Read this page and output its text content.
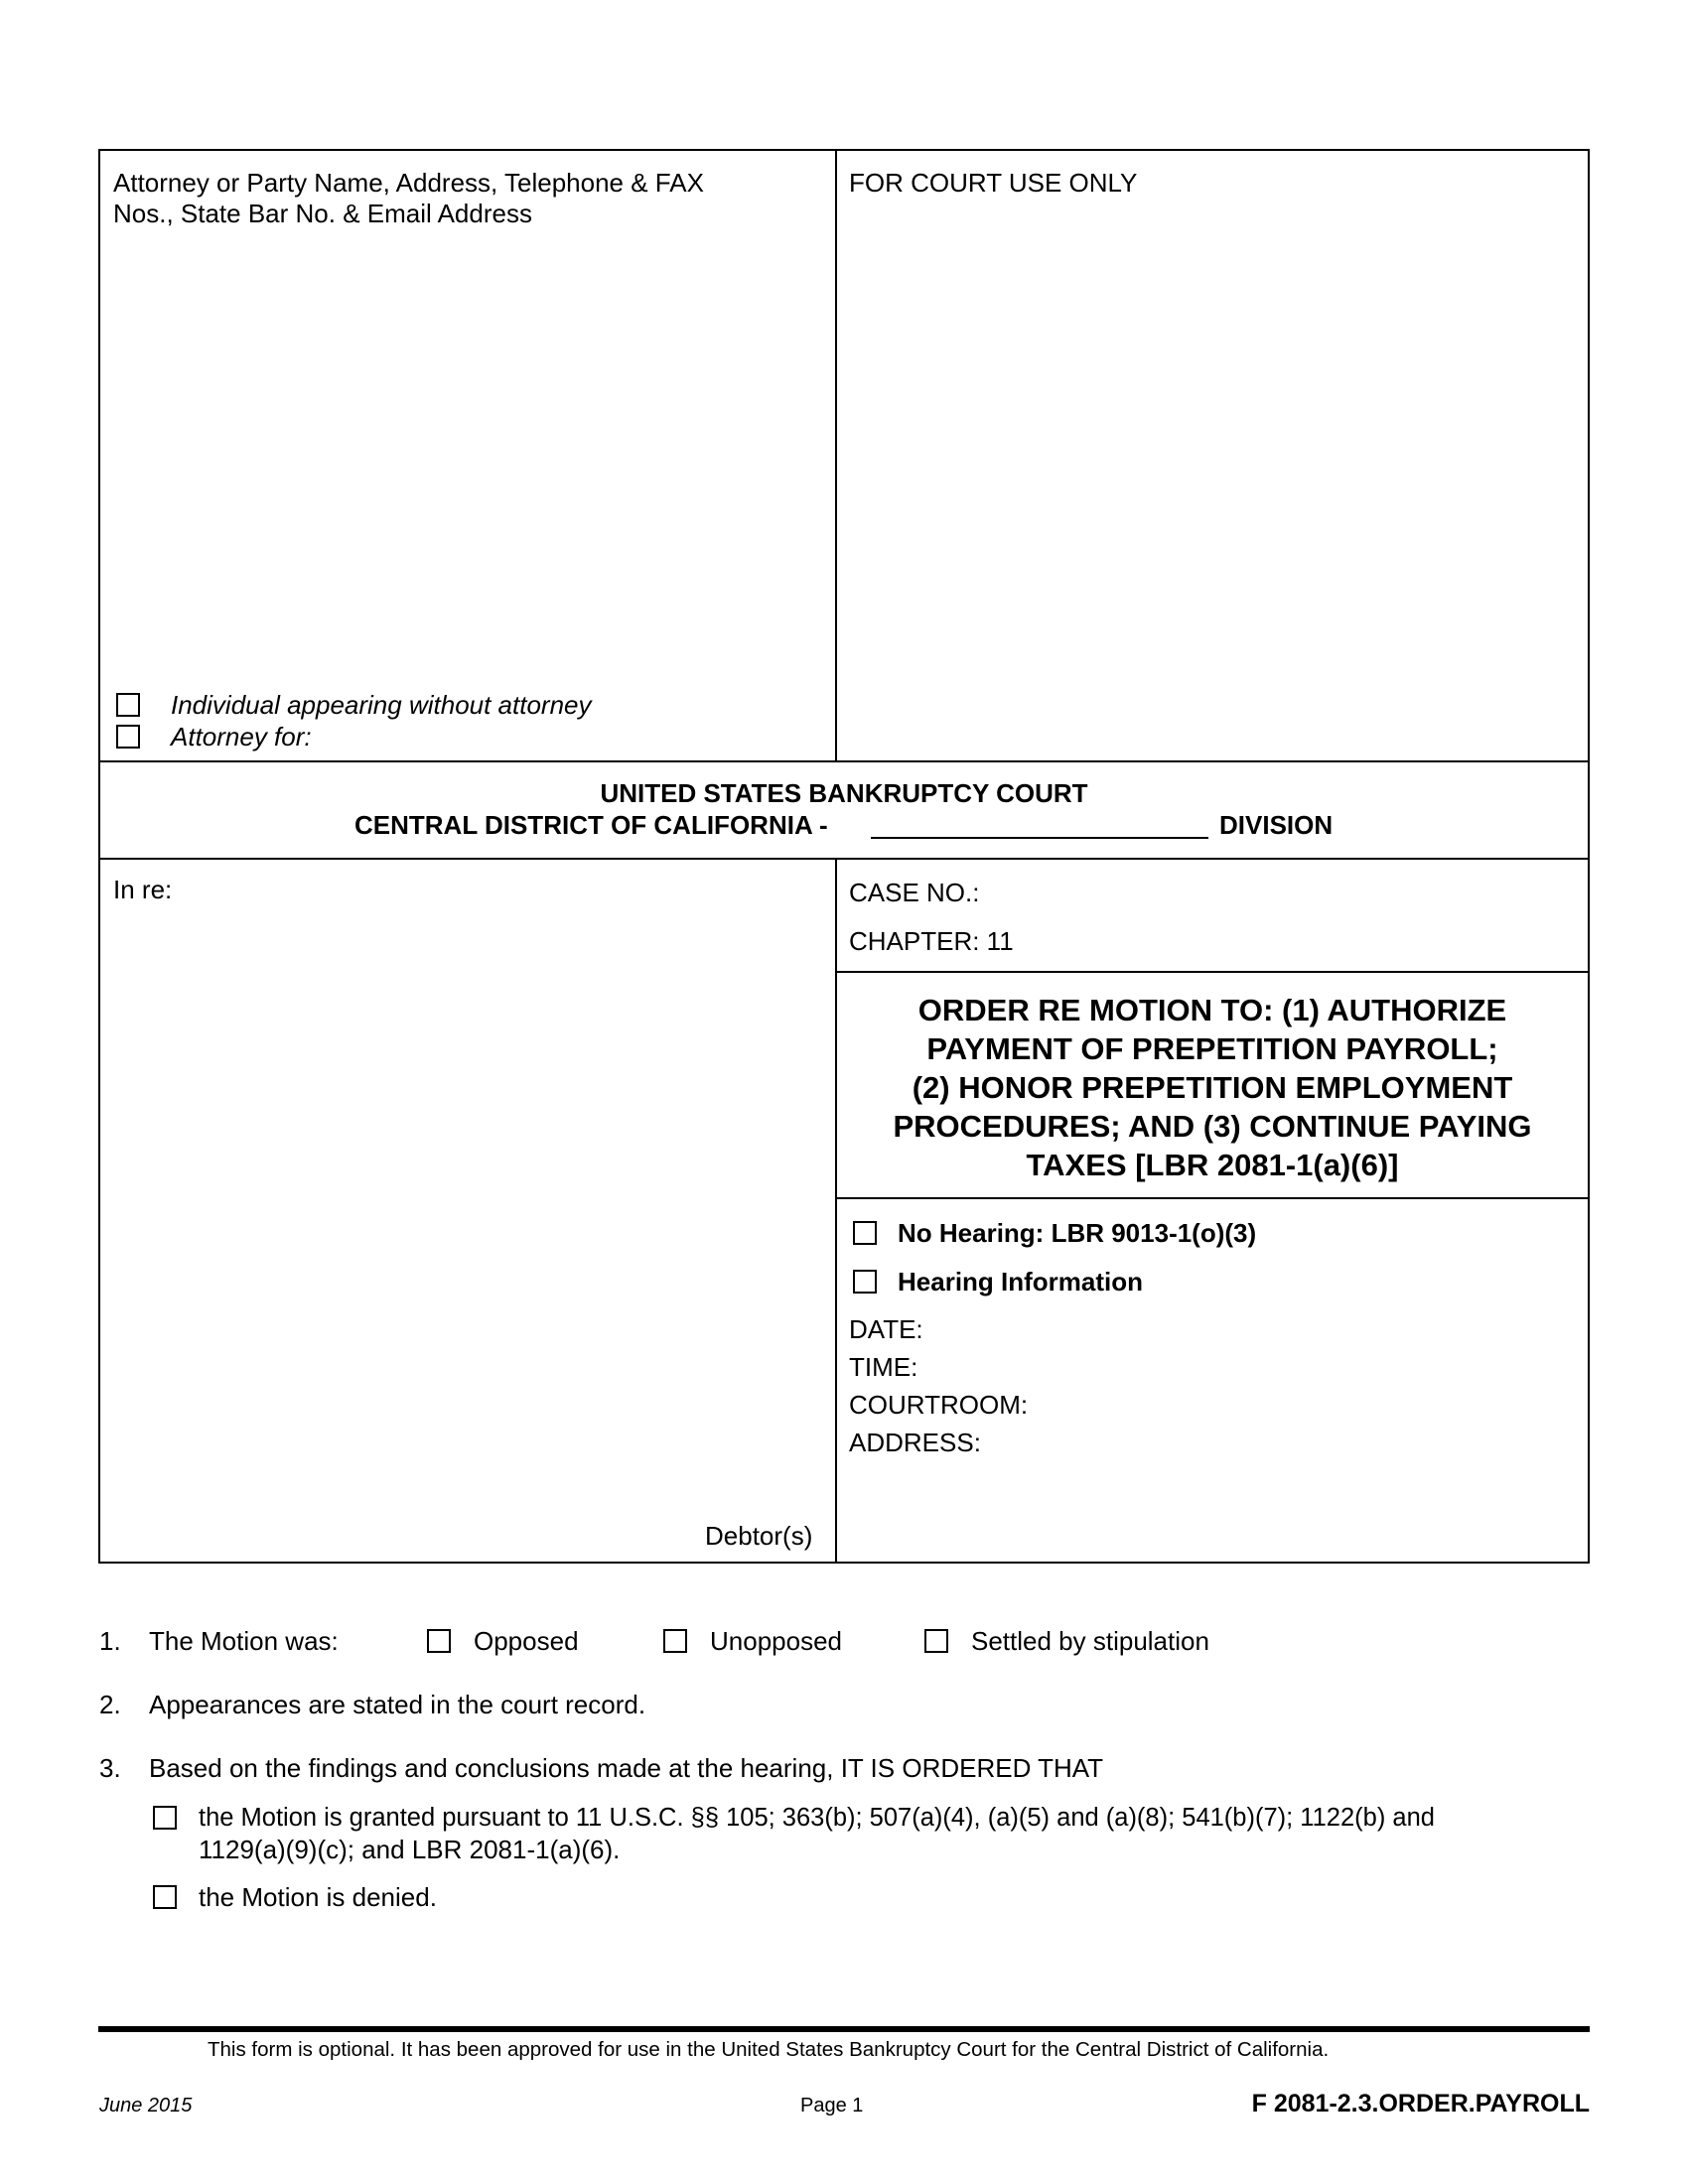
Attorney or Party Name, Address, Telephone & FAX
Nos., State Bar No. & Email Address
FOR COURT USE ONLY
Individual appearing without attorney
Attorney for:
UNITED STATES BANKRUPTCY COURT
CENTRAL DISTRICT OF CALIFORNIA -	DIVISION
In re:
Debtor(s)
CASE NO.:
CHAPTER: 11
ORDER RE MOTION TO: (1) AUTHORIZE
PAYMENT OF PREPETITION PAYROLL;
(2) HONOR PREPETITION EMPLOYMENT
PROCEDURES; AND (3) CONTINUE PAYING
TAXES [LBR 2081-1(a)(6)]
No Hearing: LBR 9013-1(o)(3)
Hearing Information
DATE:
TIME:
COURTROOM:
ADDRESS:
1. The Motion was:	Opposed	Unopposed	Settled by stipulation
2. Appearances are stated in the court record.
3. Based on the findings and conclusions made at the hearing, IT IS ORDERED THAT
the Motion is granted pursuant to 11 U.S.C. §§ 105; 363(b); 507(a)(4), (a)(5) and (a)(8); 541(b)(7); 1122(b) and
1129(a)(9)(c); and LBR 2081-1(a)(6).
the Motion is denied.
This form is optional. It has been approved for use in the United States Bankruptcy Court for the Central District of California.
June 2015	Page 1	F 2081-2.3.ORDER.PAYROLL
